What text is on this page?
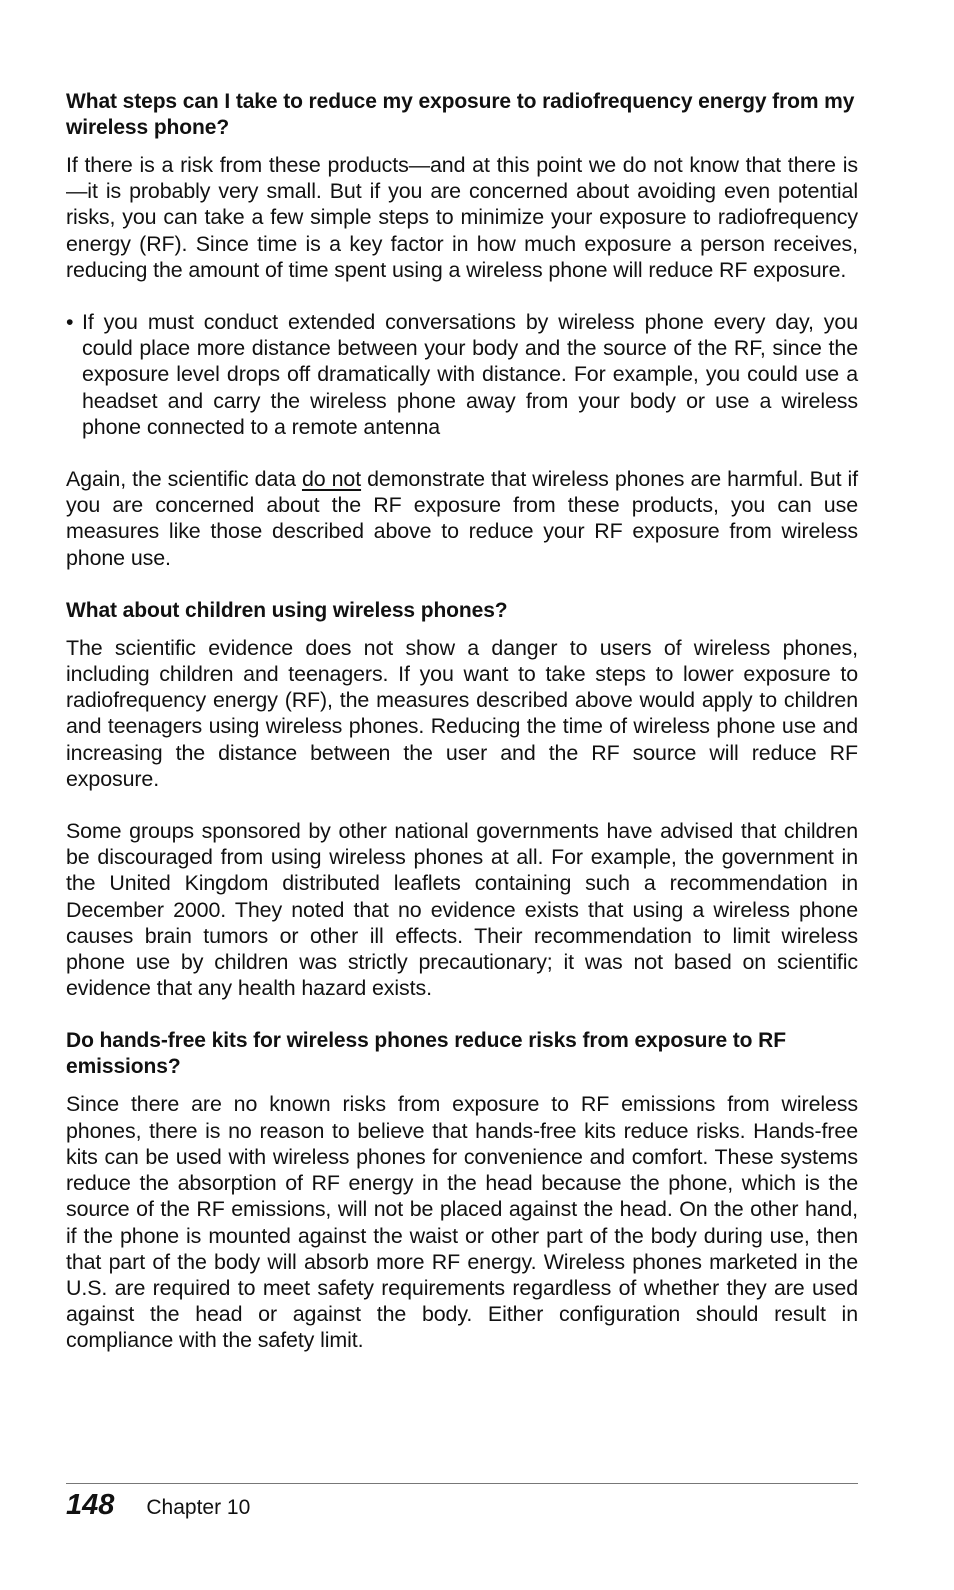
What steps can I take to reduce my exposure to radiofrequency energy from my wireless phone?

If there is a risk from these products—and at this point we do not know that there is—it is probably very small. But if you are concerned about avoiding even potential risks, you can take a few simple steps to minimize your exposure to radiofrequency energy (RF). Since time is a key factor in how much exposure a person receives, reducing the amount of time spent using a wireless phone will reduce RF exposure.

• If you must conduct extended conversations by wireless phone every day, you could place more distance between your body and the source of the RF, since the exposure level drops off dramatically with distance. For example, you could use a headset and carry the wireless phone away from your body or use a wireless phone connected to a remote antenna

Again, the scientific data do not demonstrate that wireless phones are harmful. But if you are concerned about the RF exposure from these products, you can use measures like those described above to reduce your RF exposure from wireless phone use.

What about children using wireless phones?

The scientific evidence does not show a danger to users of wireless phones, including children and teenagers. If you want to take steps to lower exposure to radiofrequency energy (RF), the measures described above would apply to children and teenagers using wireless phones. Reducing the time of wireless phone use and increasing the distance between the user and the RF source will reduce RF exposure.

Some groups sponsored by other national governments have advised that children be discouraged from using wireless phones at all. For example, the government in the United Kingdom distributed leaflets containing such a recommendation in December 2000. They noted that no evidence exists that using a wireless phone causes brain tumors or other ill effects. Their recommendation to limit wireless phone use by children was strictly precautionary; it was not based on scientific evidence that any health hazard exists.

Do hands-free kits for wireless phones reduce risks from exposure to RF emissions?

Since there are no known risks from exposure to RF emissions from wireless phones, there is no reason to believe that hands-free kits reduce risks. Hands-free kits can be used with wireless phones for convenience and comfort. These systems reduce the absorption of RF energy in the head because the phone, which is the source of the RF emissions, will not be placed against the head. On the other hand, if the phone is mounted against the waist or other part of the body during use, then that part of the body will absorb more RF energy. Wireless phones marketed in the U.S. are required to meet safety requirements regardless of whether they are used against the head or against the body. Either configuration should result in compliance with the safety limit.

148 Chapter 10
